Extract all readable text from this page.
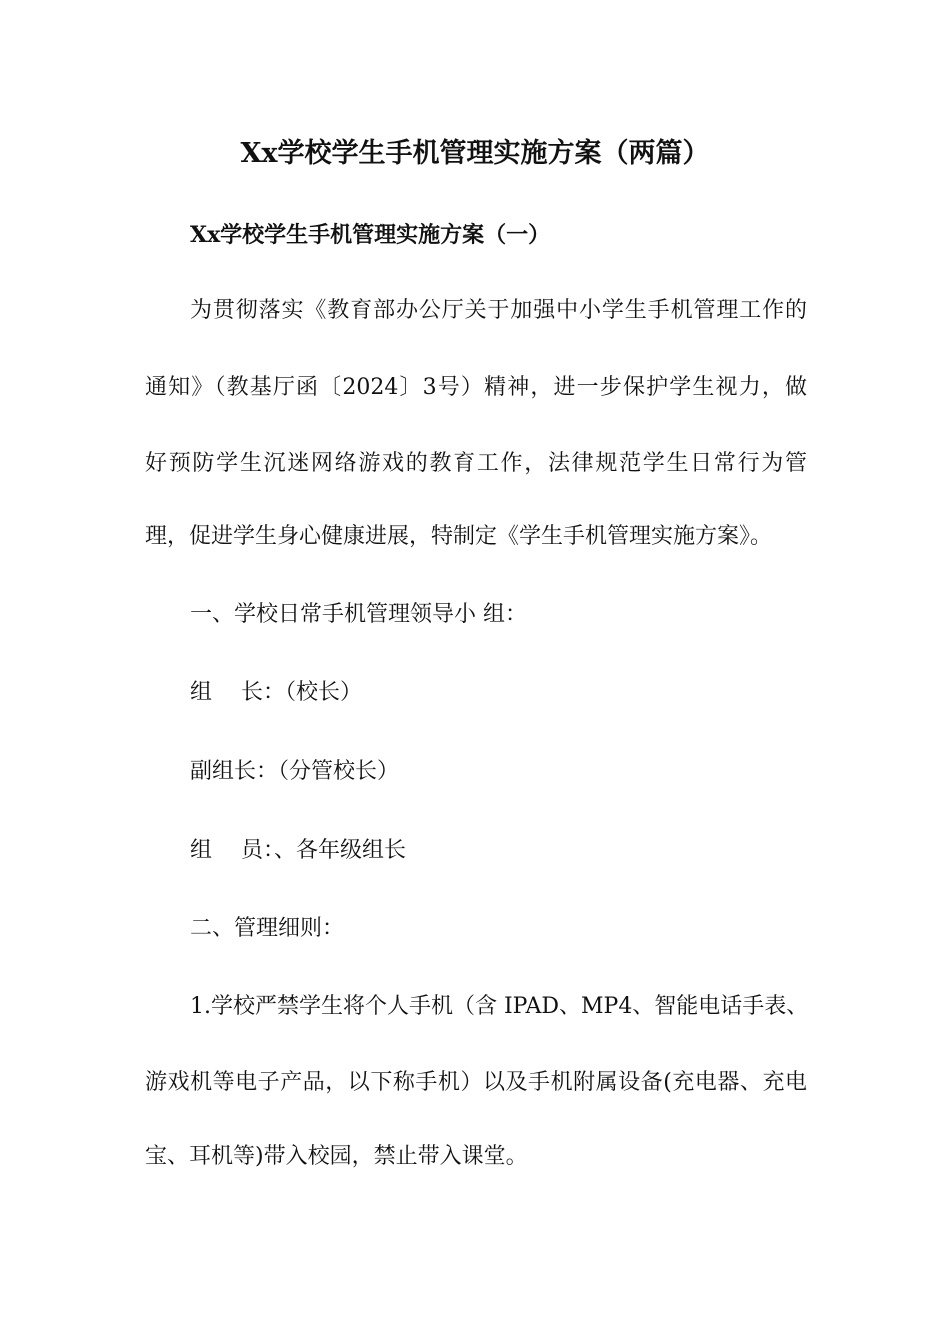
Xx学校学生手机管理实施方案（两篇）
Xx学校学生手机管理实施方案（一）
为贯彻落实《教育部办公厅关于加强中小学生手机管理工作的
通知》（教基厅函〔2024〕3号）精神，进一步保护学生视力，做
好预防学生沉迷网络游戏的教育工作，法律规范学生日常行为管
理，促进学生身心健康进展，特制定《学生手机管理实施方案》。
一、学校日常手机管理领导小 组：
组　 长：（校长）
副组长：（分管校长）
组　 员：、各年级组长
二、管理细则：
1.学校严禁学生将个人手机（含 IPAD、MP4、智能电话手表、
游戏机等电子产品，以下称手机）以及手机附属设备(充电器、充电
宝、耳机等)带入校园，禁止带入课堂。
